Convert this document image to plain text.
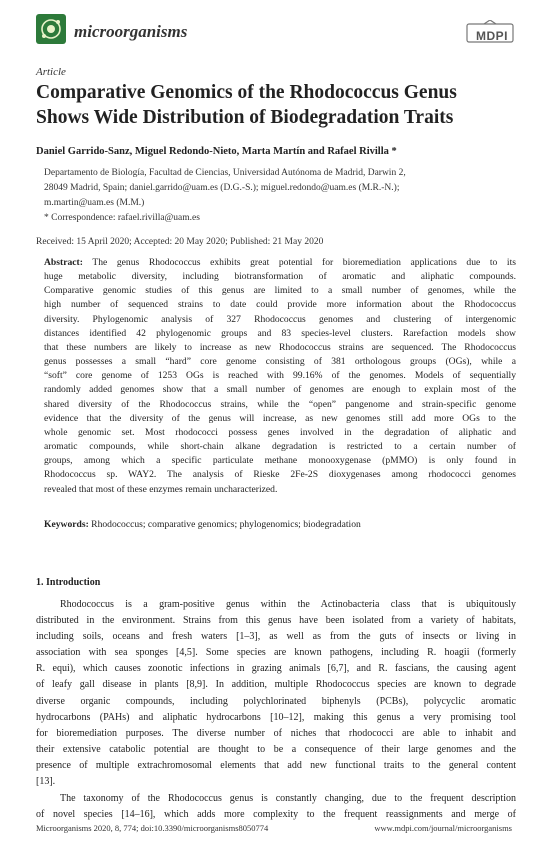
microorganisms	MDPI
Article
Comparative Genomics of the Rhodococcus Genus
Shows Wide Distribution of Biodegradation Traits
Daniel Garrido-Sanz, Miguel Redondo-Nieto, Marta Martín and Rafael Rivilla *
Departamento de Biología, Facultad de Ciencias, Universidad Autónoma de Madrid, Darwin 2,
28049 Madrid, Spain; daniel.garrido@uam.es (D.G.-S.); miguel.redondo@uam.es (M.R.-N.);
m.martin@uam.es (M.M.)
* Correspondence: rafael.rivilla@uam.es
Received: 15 April 2020; Accepted: 20 May 2020; Published: 21 May 2020
Abstract: The genus Rhodococcus exhibits great potential for bioremediation applications due to its
huge metabolic diversity, including biotransformation of aromatic and aliphatic compounds.
Comparative genomic studies of this genus are limited to a small number of genomes, while the
high number of sequenced strains to date could provide more information about the Rhodococcus
diversity. Phylogenomic analysis of 327 Rhodococcus genomes and clustering of intergenomic
distances identified 42 phylogenomic groups and 83 species-level clusters. Rarefaction models show
that these numbers are likely to increase as new Rhodococcus strains are sequenced. The Rhodococcus
genus possesses a small “hard” core genome consisting of 381 orthologous groups (OGs), while a
“soft” core genome of 1253 OGs is reached with 99.16% of the genomes. Models of sequentially
randomly added genomes show that a small number of genomes are enough to explain most of the
shared diversity of the Rhodococcus strains, while the “open” pangenome and strain-specific genome
evidence that the diversity of the genus will increase, as new genomes still add more OGs to the
whole genomic set. Most rhodococci possess genes involved in the degradation of aliphatic and
aromatic compounds, while short-chain alkane degradation is restricted to a certain number of
groups, among which a specific particulate methane monooxygenase (pMMO) is only found in
Rhodococcus sp. WAY2. The analysis of Rieske 2Fe-2S dioxygenases among rhodococci genomes
revealed that most of these enzymes remain uncharacterized.
Keywords: Rhodococcus; comparative genomics; phylogenomics; biodegradation
1. Introduction
Rhodococcus is a gram-positive genus within the Actinobacteria class that is ubiquitously
distributed in the environment. Strains from this genus have been isolated from a variety of habitats,
including soils, oceans and fresh waters [1–3], as well as from the guts of insects or living in
association with sea sponges [4,5]. Some species are known pathogens, including R. hoagii (formerly
R. equi), which causes zoonotic infections in grazing animals [6,7], and R. fascians, the causing agent
of leafy gall disease in plants [8,9]. In addition, multiple Rhodococcus species are known to degrade
diverse organic compounds, including polychlorinated biphenyls (PCBs), polycyclic aromatic
hydrocarbons (PAHs) and aliphatic hydrocarbons [10–12], making this genus a very promising tool
for bioremediation purposes. The diverse number of niches that rhodococci are able to inhabit and
their extensive catabolic potential are thought to be a consequence of their large genomes and the
presence of multiple extrachromosomal elements that add new functional traits to the general content
[13].
The taxonomy of the Rhodococcus genus is constantly changing, due to the frequent description
of novel species [14–16], which adds more complexity to the frequent reassignments and merge of
Microorganisms 2020, 8, 774; doi:10.3390/microorganisms8050774	www.mdpi.com/journal/microorganisms
